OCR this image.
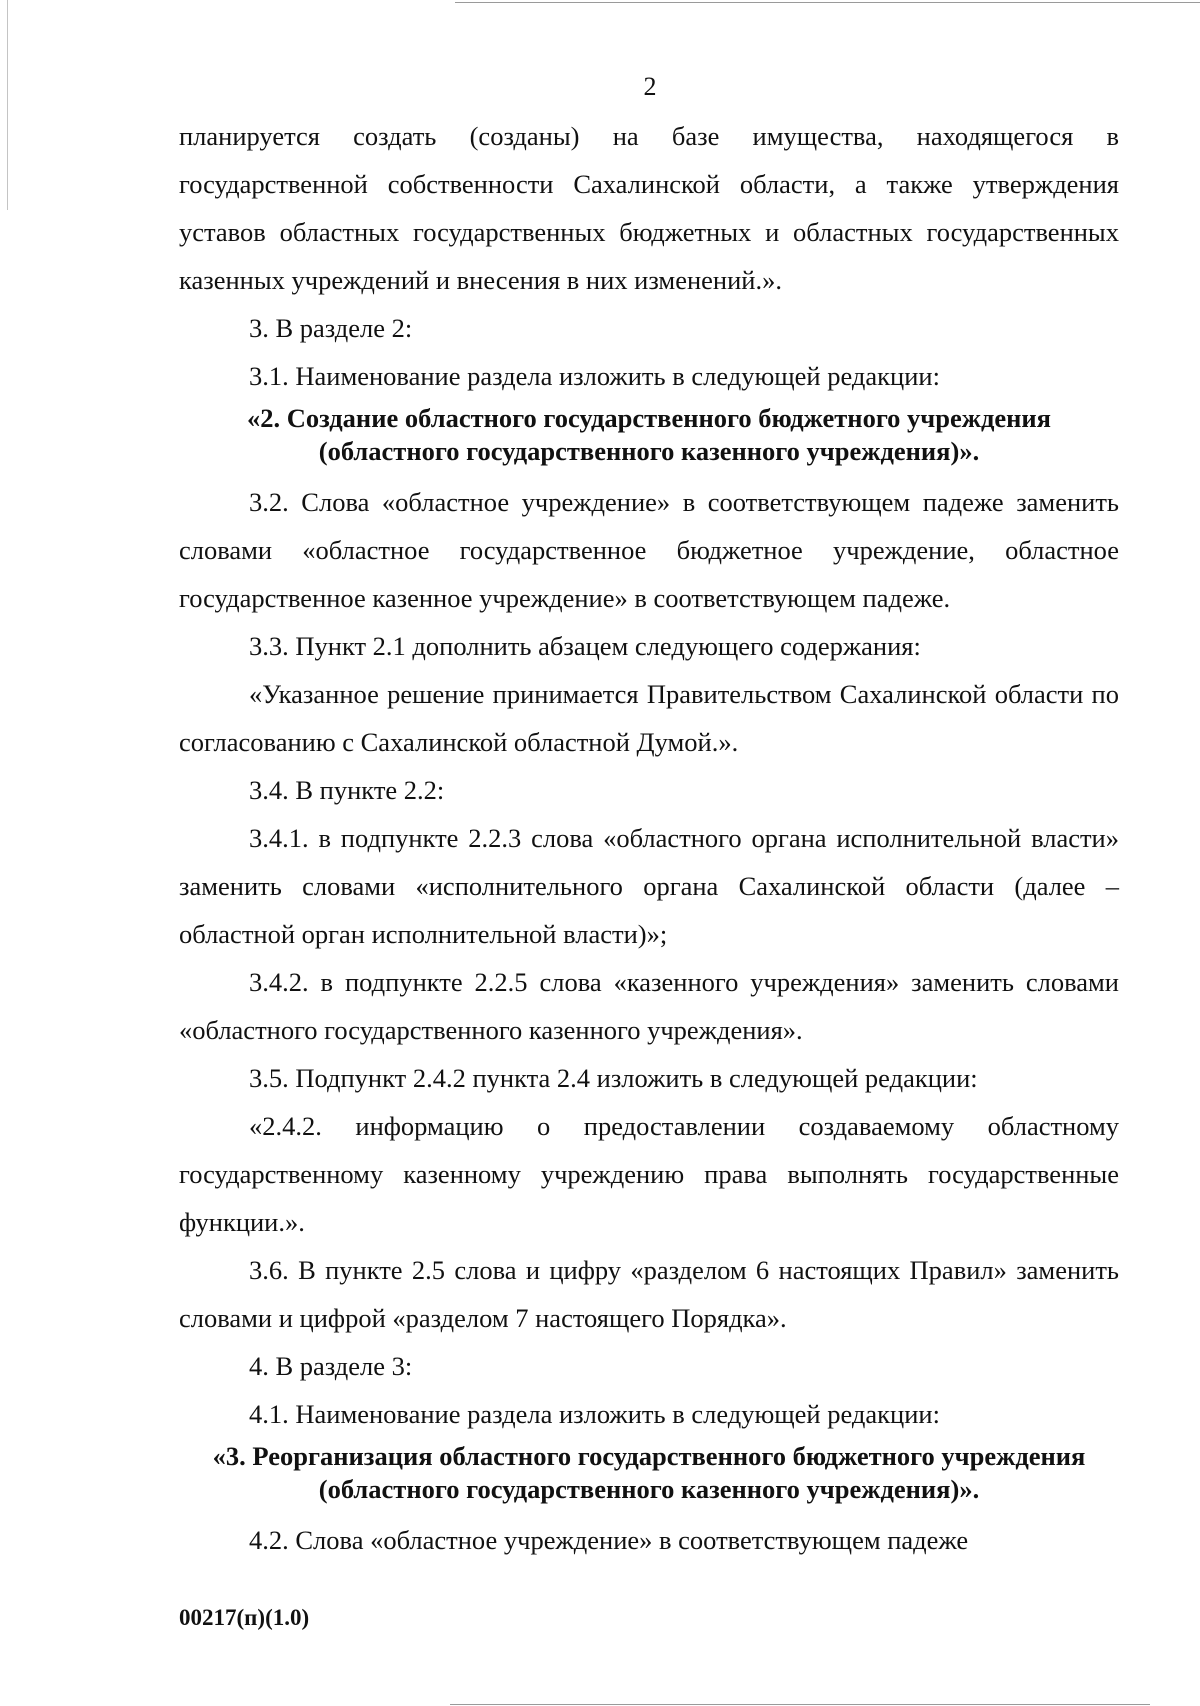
2

планируется создать (созданы) на базе имущества, находящегося в государственной собственности Сахалинской области, а также утверждения уставов областных государственных бюджетных и областных государственных казенных учреждений и внесения в них изменений.».

3. В разделе 2:

3.1. Наименование раздела изложить в следующей редакции:

«2. Создание областного государственного бюджетного учреждения
(областного государственного казенного учреждения)».

3.2. Слова «областное учреждение» в соответствующем падеже заменить словами «областное государственное бюджетное учреждение, областное государственное казенное учреждение» в соответствующем падеже.

3.3. Пункт 2.1 дополнить абзацем следующего содержания:

«Указанное решение принимается Правительством Сахалинской области по согласованию с Сахалинской областной Думой.».

3.4. В пункте 2.2:

3.4.1. в подпункте 2.2.3 слова «областного органа исполнительной власти» заменить словами «исполнительного органа Сахалинской области (далее – областной орган исполнительной власти)»;

3.4.2. в подпункте 2.2.5 слова «казенного учреждения» заменить словами «областного государственного казенного учреждения».

3.5. Подпункт 2.4.2 пункта 2.4 изложить в следующей редакции:

«2.4.2. информацию о предоставлении создаваемому областному государственному казенному учреждению права выполнять государственные функции.».

3.6. В пункте 2.5 слова и цифру «разделом 6 настоящих Правил» заменить словами и цифрой «разделом 7 настоящего Порядка».

4. В разделе 3:

4.1. Наименование раздела изложить в следующей редакции:

«3. Реорганизация областного государственного бюджетного учреждения
(областного государственного казенного учреждения)».

4.2. Слова «областное учреждение» в соответствующем падеже

00217(п)(1.0)
